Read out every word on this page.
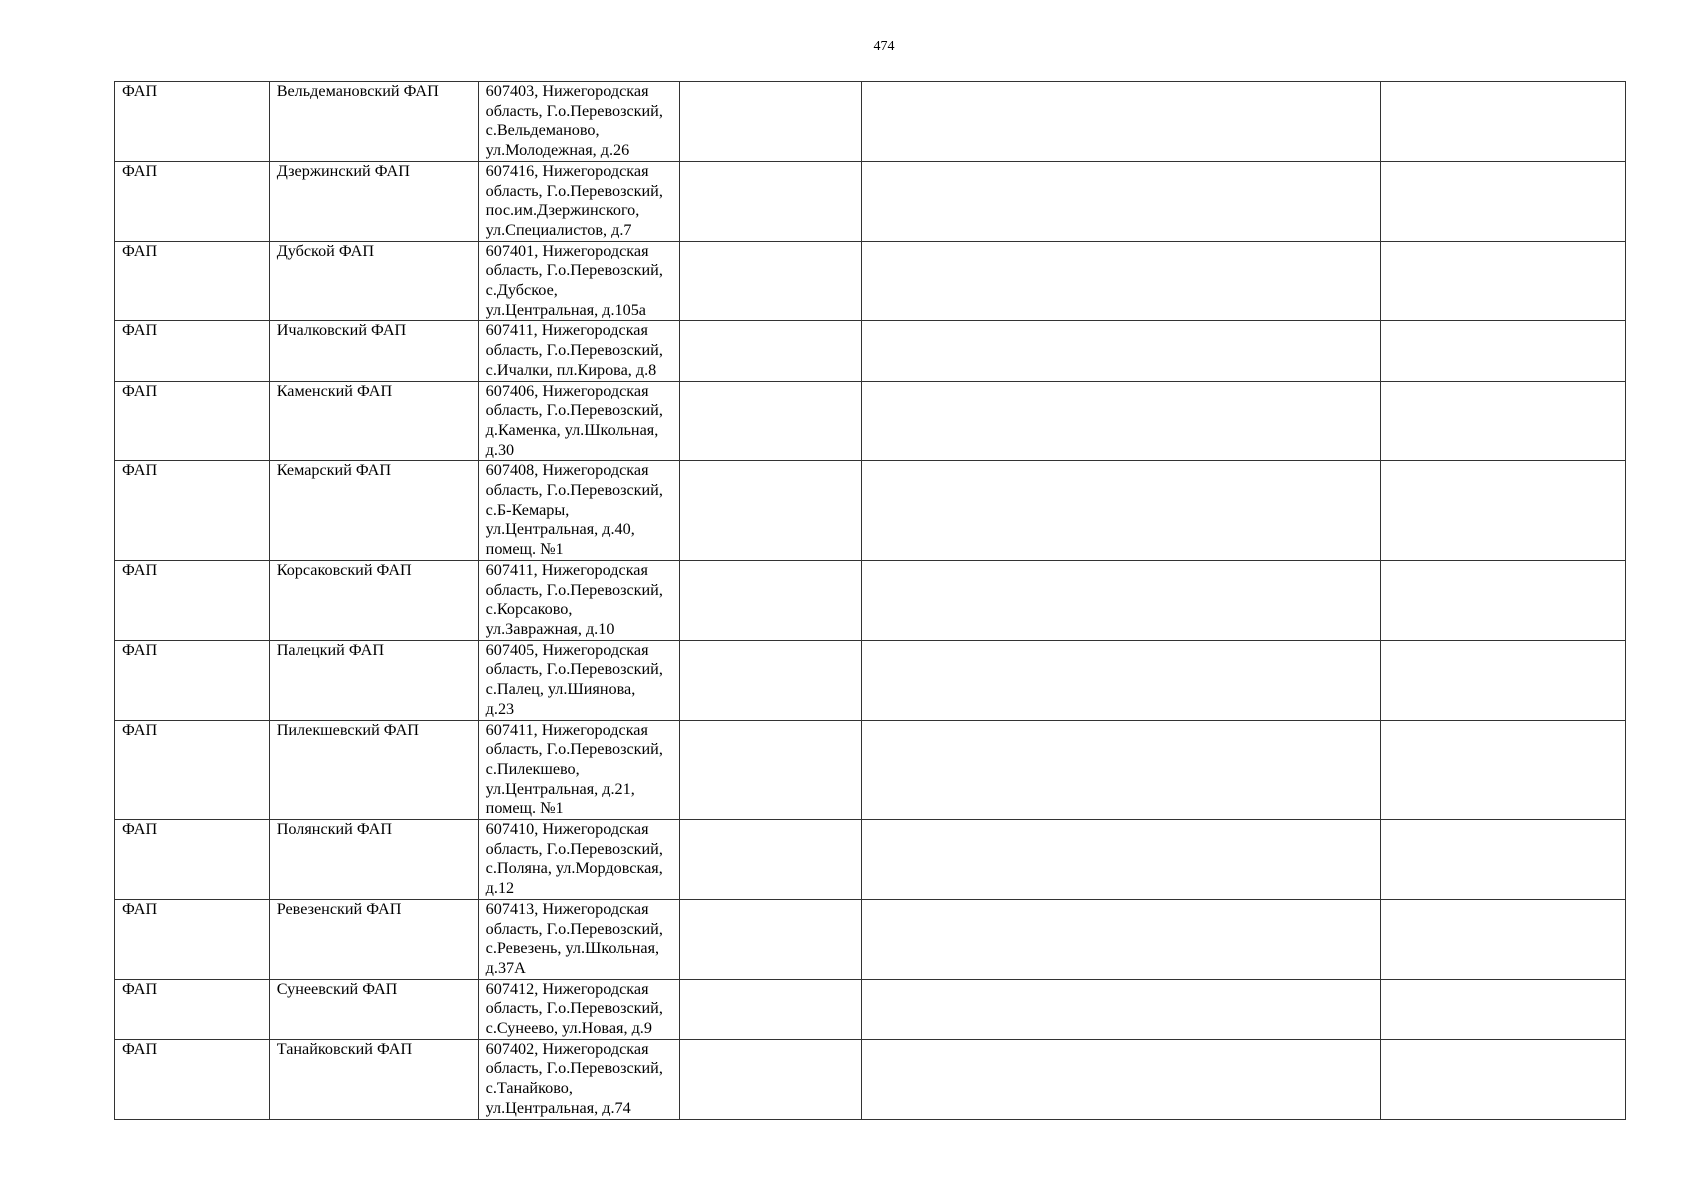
474
ФАП	Вельдемановский ФАП	607403, Нижегородская
область, Г.о.Перевозский,
с.Вельдеманово,
ул.Молодежная, д.26			

ФАП	Дзержинский ФАП	607416, Нижегородская
область, Г.о.Перевозский,
пос.им.Дзержинского,
ул.Специалистов, д.7			

ФАП	Дубской ФАП	607401, Нижегородская
область, Г.о.Перевозский,
с.Дубское,
ул.Центральная, д.105а			

ФАП	Ичалковский ФАП	607411, Нижегородская
область, Г.о.Перевозский,
с.Ичалки, пл.Кирова, д.8			

ФАП	Каменский ФАП	607406, Нижегородская
область, Г.о.Перевозский,
д.Каменка, ул.Школьная,
д.30			

ФАП	Кемарский ФАП	607408, Нижегородская
область, Г.о.Перевозский,
с.Б-Кемары,
ул.Центральная, д.40,
помещ. №1			

ФАП	Корсаковский ФАП	607411, Нижегородская
область, Г.о.Перевозский,
с.Корсаково,
ул.Завражная, д.10			

ФАП	Палецкий ФАП	607405, Нижегородская
область, Г.о.Перевозский,
с.Палец, ул.Шиянова,
д.23			

ФАП	Пилекшевский ФАП	607411, Нижегородская
область, Г.о.Перевозский,
с.Пилекшево,
ул.Центральная, д.21,
помещ. №1			

ФАП	Полянский ФАП	607410, Нижегородская
область, Г.о.Перевозский,
с.Поляна, ул.Мордовская,
д.12			

ФАП	Ревезенский ФАП	607413, Нижегородская
область, Г.о.Перевозский,
с.Ревезень, ул.Школьная,
д.37А			

ФАП	Сунеевский ФАП	607412, Нижегородская
область, Г.о.Перевозский,
с.Сунеево, ул.Новая, д.9			

ФАП	Танайковский ФАП	607402, Нижегородская
область, Г.о.Перевозский,
с.Танайково,
ул.Центральная, д.74			
